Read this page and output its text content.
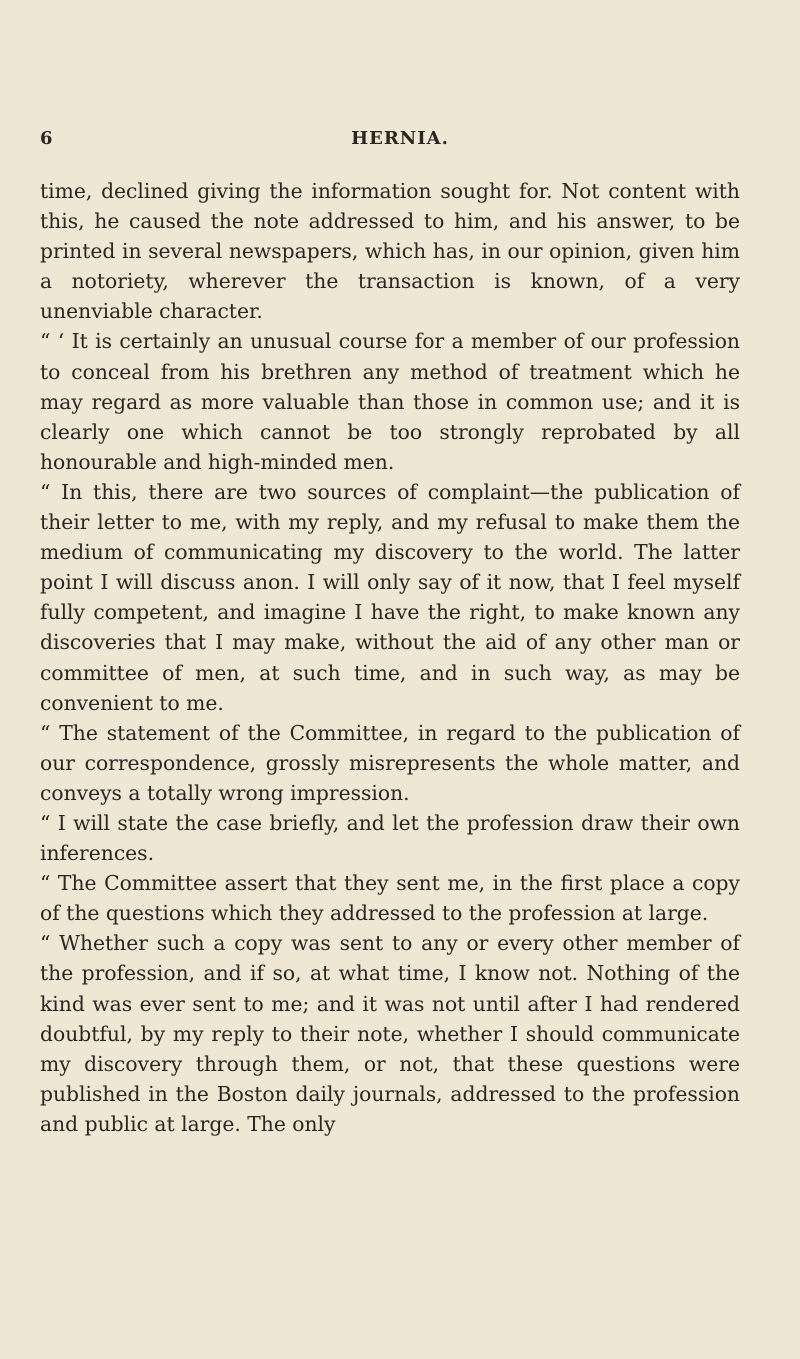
6	HERNIA.

time, declined giving the information sought for. Not content with this, he caused the note addressed to him, and his answer, to be printed in several newspapers, which has, in our opinion, given him a notoriety, wherever the transaction is known, of a very unenviable character.

“ ‘ It is certainly an unusual course for a member of our profession to conceal from his brethren any method of treatment which he may regard as more valuable than those in common use; and it is clearly one which cannot be too strongly reprobated by all honourable and high-minded men.

“ In this, there are two sources of complaint—the publication of their letter to me, with my reply, and my refusal to make them the medium of communicating my discovery to the world. The latter point I will discuss anon. I will only say of it now, that I feel myself fully competent, and imagine I have the right, to make known any discoveries that I may make, without the aid of any other man or committee of men, at such time, and in such way, as may be convenient to me.

“ The statement of the Committee, in regard to the publication of our correspondence, grossly misrepresents the whole matter, and conveys a totally wrong impression.

“ I will state the case briefly, and let the profession draw their own inferences.

“ The Committee assert that they sent me, in the first place a copy of the questions which they addressed to the profession at large.

“ Whether such a copy was sent to any or every other member of the profession, and if so, at what time, I know not. Nothing of the kind was ever sent to me; and it was not until after I had rendered doubtful, by my reply to their note, whether I should communicate my discovery through them, or not, that these questions were published in the Boston daily journals, addressed to the profession and public at large. The only
